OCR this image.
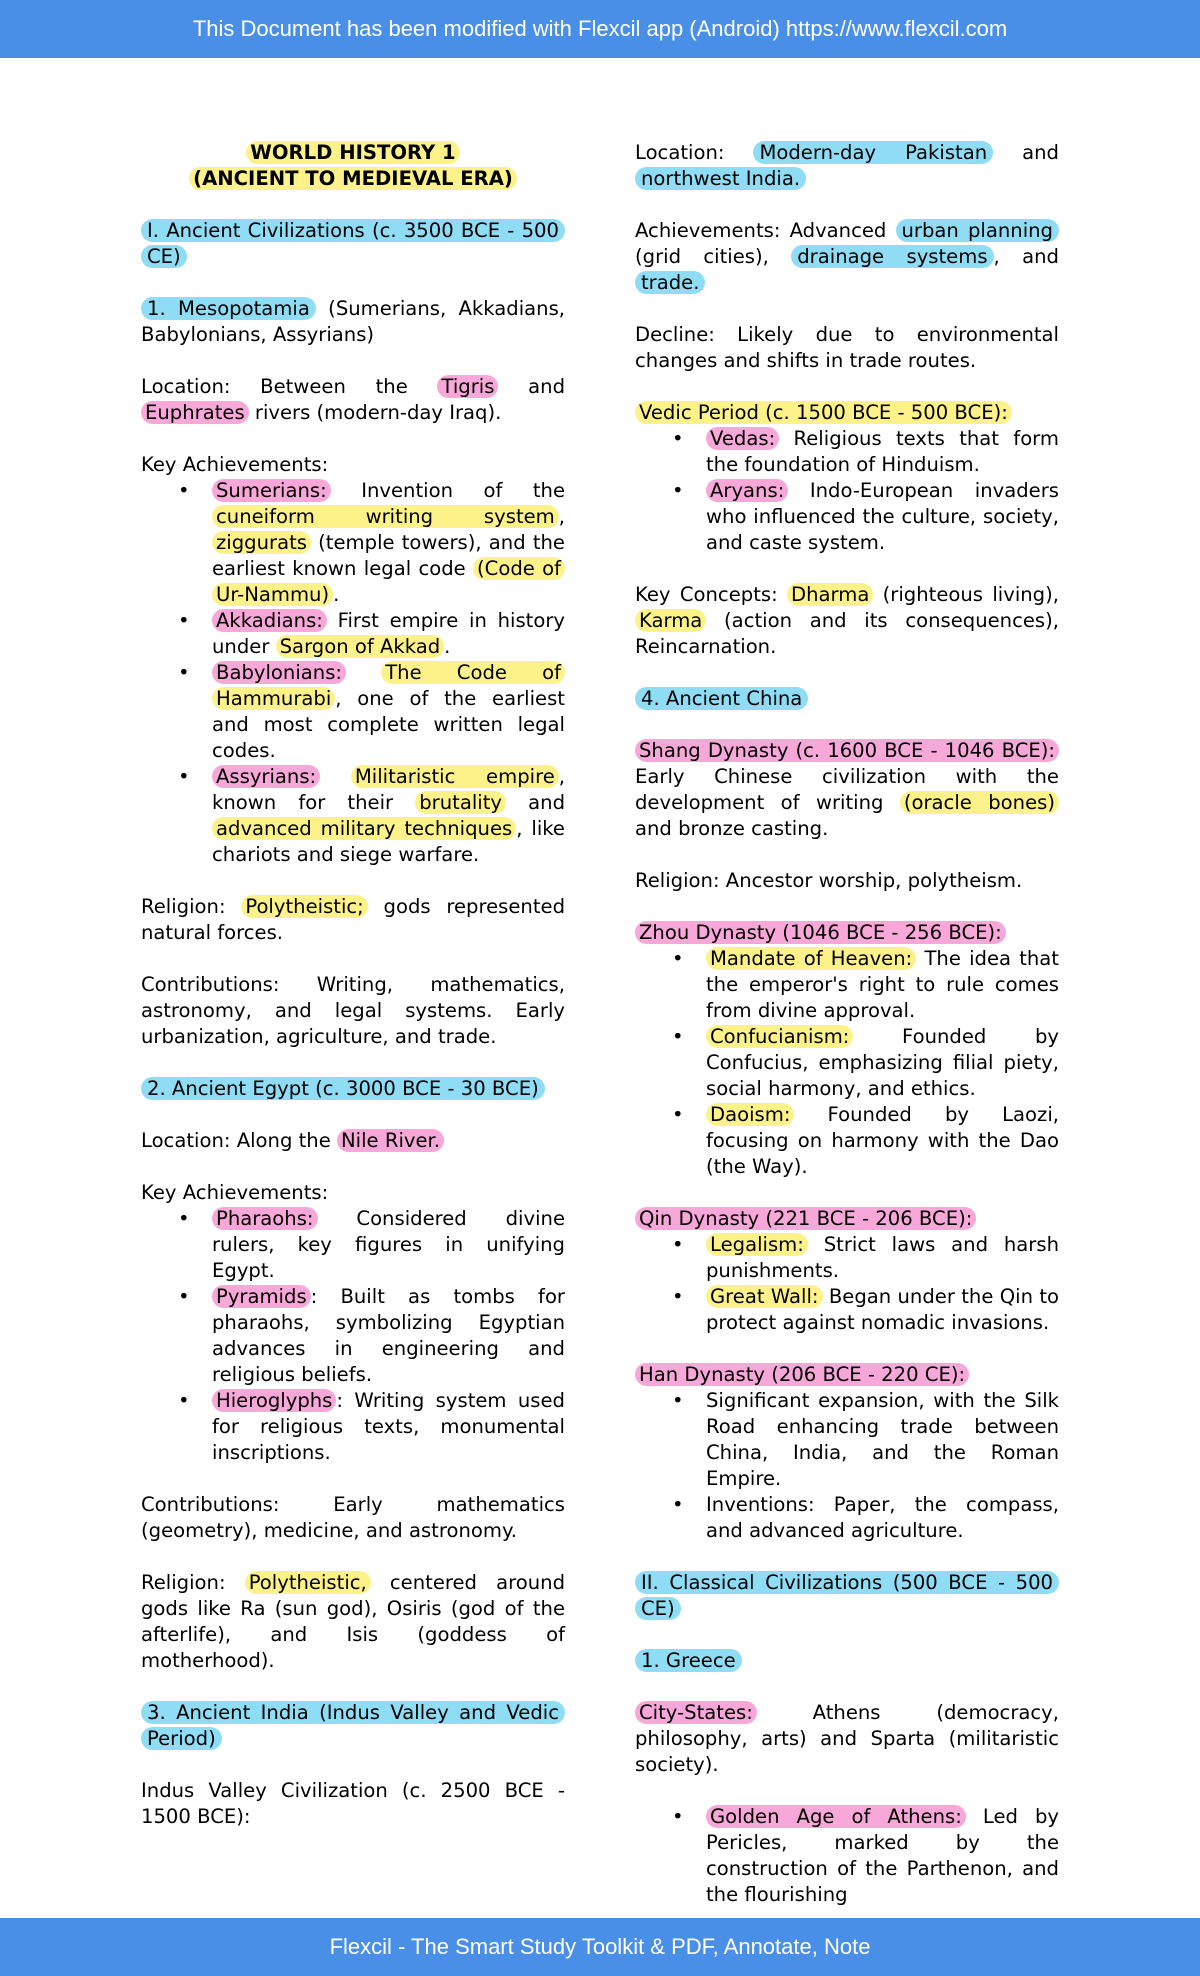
This Document has been modified with Flexcil app (Android) https://www.flexcil.com
WORLD HISTORY 1
(ANCIENT TO MEDIEVAL ERA)

I. Ancient Civilizations (c. 3500 BCE - 500 CE)

1. Mesopotamia (Sumerians, Akkadians, Babylonians, Assyrians)

Location: Between the Tigris and Euphrates rivers (modern-day Iraq).

Key Achievements:
• Sumerians: Invention of the cuneiform writing system , ziggurats (temple towers), and the earliest known legal code (Code of Ur-Nammu) .
• Akkadians: First empire in history under Sargon of Akkad .
• Babylonians: The Code of Hammurabi , one of the earliest and most complete written legal codes.
• Assyrians: Militaristic empire , known for their brutality and advanced military techniques , like chariots and siege warfare.

Religion: Polytheistic; gods represented natural forces.

Contributions: Writing, mathematics, astronomy, and legal systems. Early urbanization, agriculture, and trade.

2. Ancient Egypt (c. 3000 BCE - 30 BCE)

Location: Along the Nile River.

Key Achievements:
• Pharaohs: Considered divine rulers, key figures in unifying Egypt.
• Pyramids : Built as tombs for pharaohs, symbolizing Egyptian advances in engineering and religious beliefs.
• Hieroglyphs : Writing system used for religious texts, monumental inscriptions.

Contributions: Early mathematics (geometry), medicine, and astronomy.

Religion: Polytheistic, centered around gods like Ra (sun god), Osiris (god of the afterlife), and Isis (goddess of motherhood).

3. Ancient India (Indus Valley and Vedic Period)

Indus Valley Civilization (c. 2500 BCE - 1500 BCE):

Location: Modern-day Pakistan and northwest India.

Achievements: Advanced urban planning (grid cities), drainage systems , and trade.

Decline: Likely due to environmental changes and shifts in trade routes.

Vedic Period (c. 1500 BCE - 500 BCE):
• Vedas: Religious texts that form the foundation of Hinduism.
• Aryans: Indo-European invaders who influenced the culture, society, and caste system.

Key Concepts: Dharma (righteous living), Karma (action and its consequences), Reincarnation.

4. Ancient China

Shang Dynasty (c. 1600 BCE - 1046 BCE): Early Chinese civilization with the development of writing (oracle bones) and bronze casting.

Religion: Ancestor worship, polytheism.

Zhou Dynasty (1046 BCE - 256 BCE):
• Mandate of Heaven: The idea that the emperor's right to rule comes from divine approval.
• Confucianism: Founded by Confucius, emphasizing filial piety, social harmony, and ethics.
• Daoism: Founded by Laozi, focusing on harmony with the Dao (the Way).
Qin Dynasty (221 BCE - 206 BCE):
• Legalism: Strict laws and harsh punishments.
• Great Wall: Began under the Qin to protect against nomadic invasions.
Han Dynasty (206 BCE - 220 CE):
• Significant expansion, with the Silk Road enhancing trade between China, India, and the Roman Empire.
• Inventions: Paper, the compass, and advanced agriculture.

II. Classical Civilizations (500 BCE - 500 CE)

1. Greece

City-States: Athens (democracy, philosophy, arts) and Sparta (militaristic society).

• Golden Age of Athens: Led by Pericles, marked by the construction of the Parthenon, and the flourishing
Flexcil - The Smart Study Toolkit & PDF, Annotate, Note
